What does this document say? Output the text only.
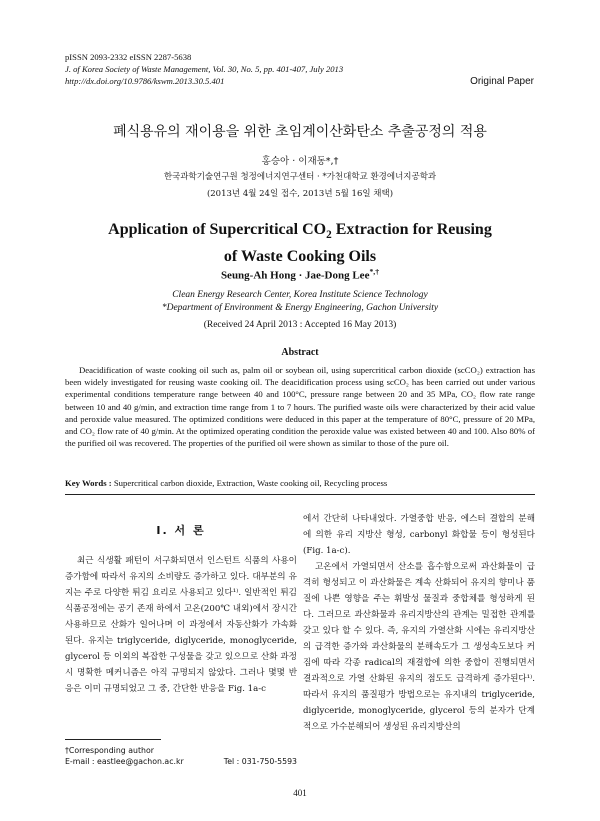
pISSN 2093-2332 eISSN 2287-5638
J. of Korea Society of Waste Management, Vol. 30, No. 5, pp. 401-407, July 2013
http://dx.doi.org/10.9786/kswm.2013.30.5.401	Original Paper
폐식용유의 재이용을 위한 초임계이산화탄소 추출공정의 적용
홍승아 · 이재동*,†
한국과학기술연구원 청정에너지연구센터 · *가천대학교 환경에너지공학과
(2013년 4월 24일 접수, 2013년 5월 16일 채택)
Application of Supercritical $CO_2$ Extraction for Reusing
of Waste Cooking Oils
Seung-Ah Hong · Jae-Dong Lee*,†
Clean Energy Research Center, Korea Institute Science Technology
*Department of Environment & Energy Engineering, Gachon University
(Received 24 April 2013 : Accepted 16 May 2013)
Abstract
Deacidification of waste cooking oil such as, palm oil or soybean oil, using supercritical carbon dioxide (scCO₂) extraction has been widely investigated for reusing waste cooking oil. The deacidification process using scCO₂ has been carried out under various experimental conditions temperature range between 40 and 100°C, pressure range between 20 and 35 MPa, CO₂ flow rate range between 10 and 40 g/min, and extraction time range from 1 to 7 hours. The purified waste oils were characterized by their acid value and peroxide value measured. The optimized conditions were deduced in this paper at the temperature of 80°C, pressure of 20 MPa, and CO₂ flow rate of 40 g/min. At the optimized operating condition the peroxide value was existed between 40 and 100. Also 80% of the purified oil was recovered. The properties of the purified oil were shown as similar to those of the pure oil.
Key Words : Supercritical carbon dioxide, Extraction, Waste cooking oil, Recycling process
I. 서 론

최근 식생활 패턴이 서구화되면서 인스턴트 식품의 사용이 증가함에 따라서 유지의 소비량도 증가하고 있다. 대부분의 유지는 주로 다양한 튀김 요리로 사용되고 있다¹⁾. 일반적인 튀김식품공정에는 공기 존재 하에서 고온(200℃ 내외)에서 장시간 사용하므로 산화가 일어나며 이 과정에서 자동산화가 가속화된다. 유지는 triglyceride, diglyceride, monoglyceride, glycerol 등 이외의 복잡한 구성물을 갖고 있으므로 산화 과정 시 명확한 메커니즘은 아직 규명되지 않았다. 그러나 몇몇 반응은 이미 규명되었고 그 중, 간단한 반응을 Fig. 1a-c

에서 간단히 나타내었다. 가열중합 반응, 에스터 결합의 분해에 의한 유리 지방산 형성, carbonyl 화합물 등이 형성된다(Fig. 1a-c).

고온에서 가열되면서 산소를 흡수함으로써 과산화물이 급격히 형성되고 이 과산화물은 계속 산화되어 유지의 향미나 품질에 나쁜 영향을 주는 휘발성 물질과 중합체를 형성하게 된다. 그러므로 과산화물과 유리지방산의 관계는 밀접한 관계를 갖고 있다 할 수 있다. 즉, 유지의 가열산화 시에는 유리지방산의 급격한 증가와 과산화물의 분해속도가 그 생성속도보다 커짐에 따라 각종 radical의 재결합에 의한 중합이 진행되면서 결과적으로 가열 산화된 유지의 점도도 급격하게 증가된다¹⁾. 따라서 유지의 품질평가 방법으로는 유지내의 triglyceride, diglyceride, monoglyceride, glycerol 등의 분자가 단계적으로 가수분해되어 생성된 유리지방산의

†Corresponding author
E-mail : eastlee@gachon.ac.kr	Tel : 031-750-5593
401
